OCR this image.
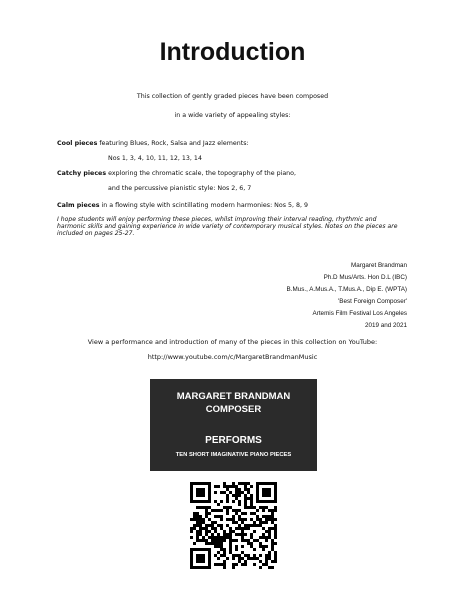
Introduction
This collection of gently graded pieces have been composed
in a wide variety of appealing styles:
Cool pieces featuring Blues, Rock, Salsa and Jazz elements:
Nos 1, 3, 4, 10, 11, 12, 13, 14
Catchy pieces exploring the chromatic scale, the topography of the piano,
and the percussive pianistic style: Nos 2, 6, 7
Calm pieces in a flowing style with scintillating modern harmonies: Nos 5, 8, 9
I hope students will enjoy performing these pieces, whilst improving their interval reading, rhythmic and harmonic skills and gaining experience in wide variety of contemporary musical styles. Notes on the pieces are included on pages 25-27.
Margaret Brandman
Ph.D Mus/Arts. Hon D.L (IBC)
B.Mus., A.Mus.A., T.Mus.A., Dip E. (WPTA)
'Best Foreign Composer'
Artemis Film Festival Los Angeles
2019 and 2021
View a performance and introduction of many of the pieces in this collection on YouTube:
http://www.youtube.com/c/MargaretBrandmanMusic
MARGARET BRANDMAN
COMPOSER
PERFORMS
TEN SHORT IMAGINATIVE PIANO PIECES
